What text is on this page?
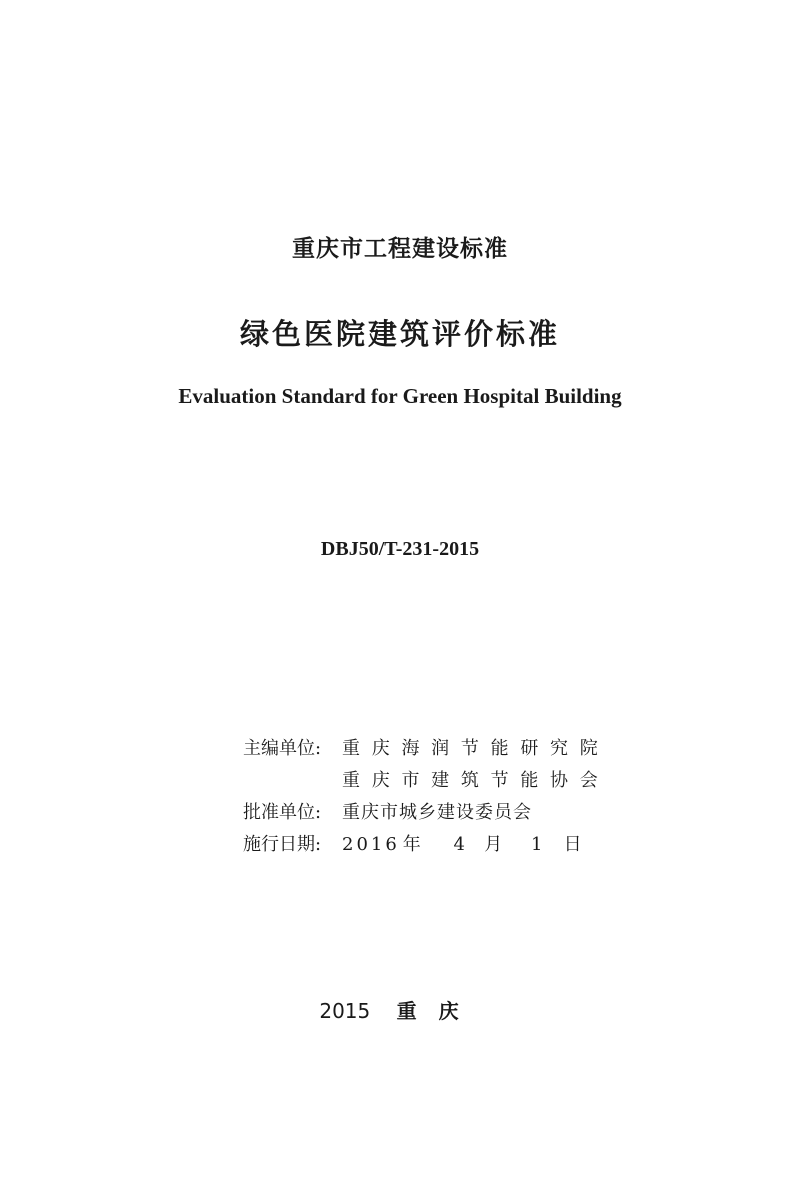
重庆市工程建设标准
绿色医院建筑评价标准
Evaluation Standard for Green Hospital Building
DBJ50/T-231-2015
主编单位:	重 庆 海 润 节 能 研 究 院
重 庆 市 建 筑 节 能 协 会
批准单位:	重庆市城乡建设委员会
施行日期:	2016 年 4 月 1 日
2015 重庆
